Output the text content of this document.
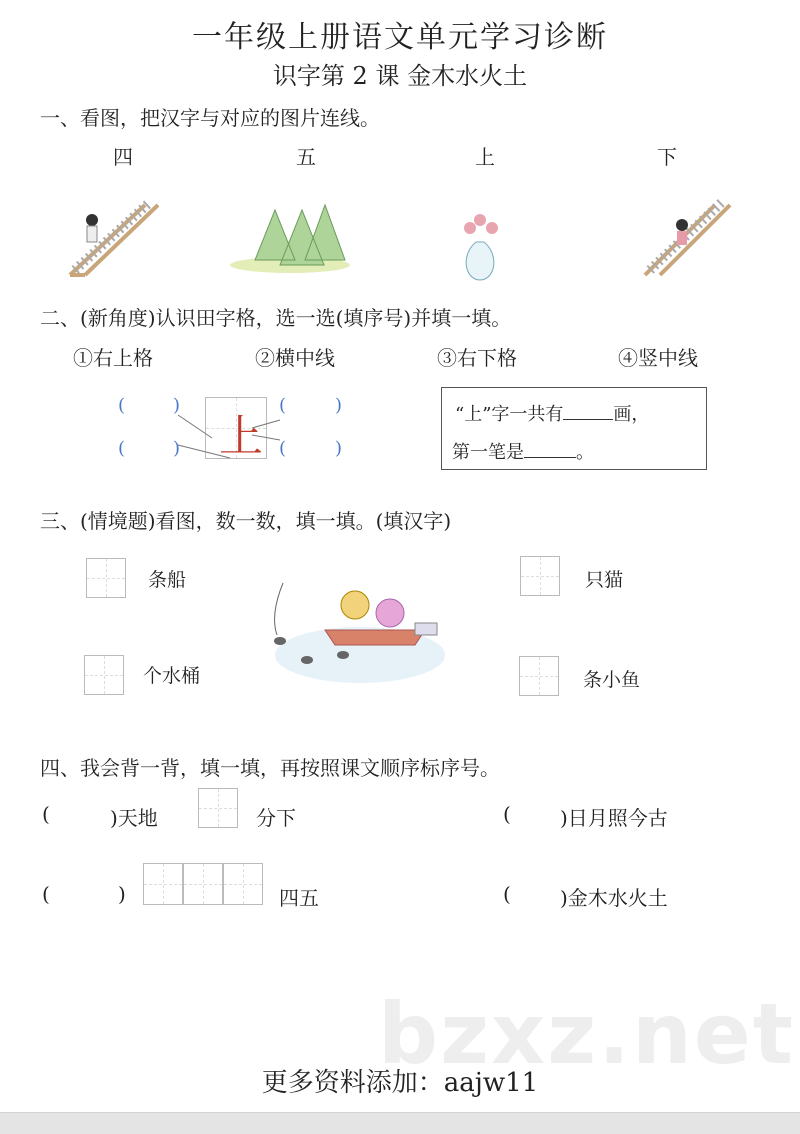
一年级上册语文单元学习诊断
识字第 2 课 金木水火土
一、看图，把汉字与对应的图片连线。
四	五	上	下
二、(新角度)认识田字格，选一选(填序号)并填一填。
①右上格	②横中线	③右下格	④竖中线
上
(	)
(	)
(	)
(	)
“上”字一共有	画，
第一笔是	。
三、(情境题)看图，数一数，填一填。(填汉字)
条船	只猫
个水桶	条小鱼
四、我会背一背，填一填，再按照课文顺序标序号。
(	)天地	分下	( )日月照今古
(	)	四五	( )金木水火土
bzxz.net
更多资料添加：aajw11
